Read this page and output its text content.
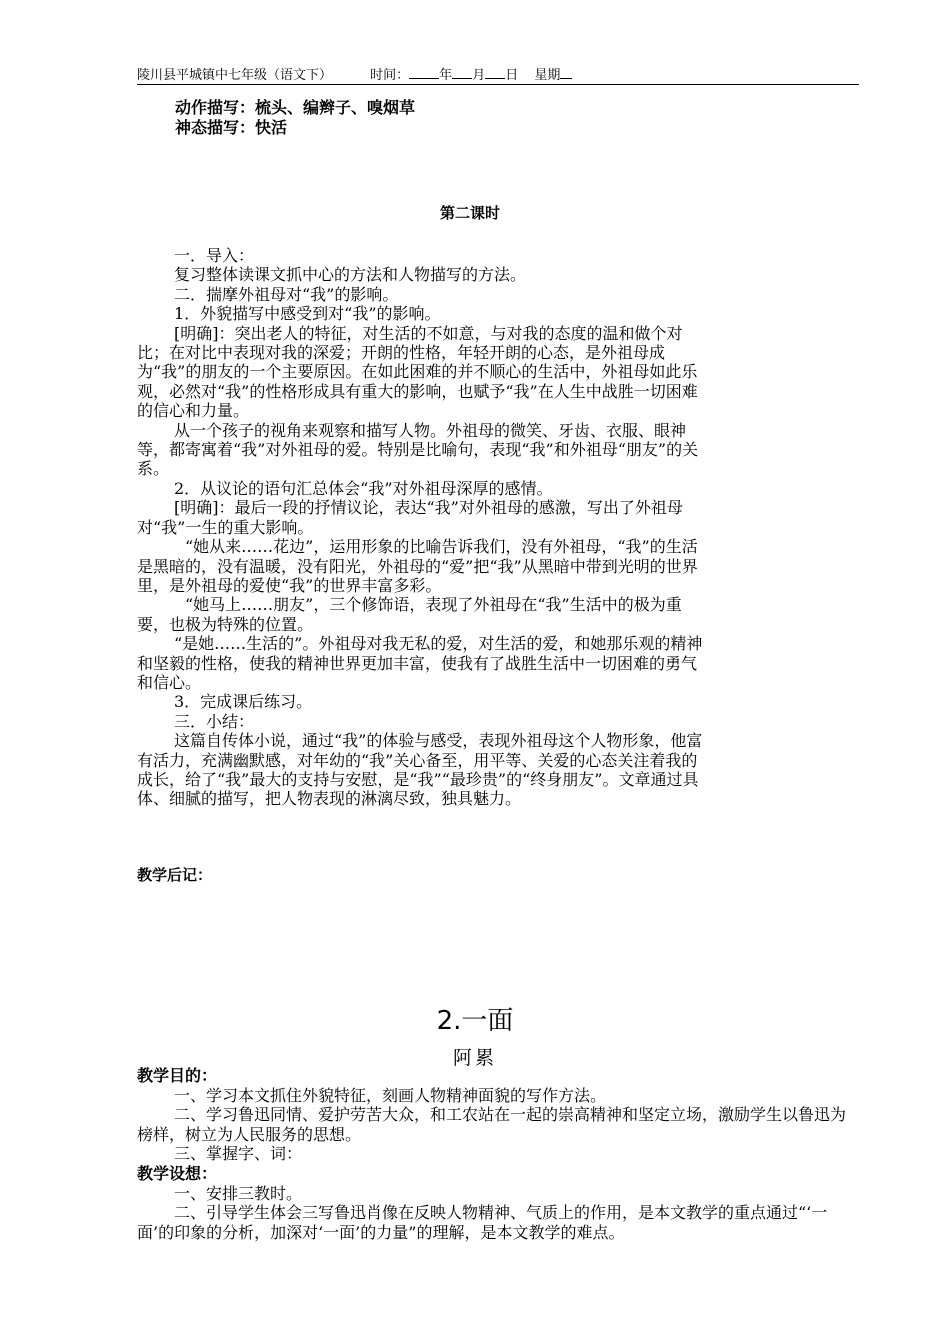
陵川县平城镇中七年级（语文下）	时间： 年 月 日 星期
动作描写：梳头、编辫子、嗅烟草
神态描写：快活
第二课时

一．导入：

复习整体读课文抓中心的方法和人物描写的方法。

二．揣摩外祖母对“我”的影响。

1．外貌描写中感受到对“我”的影响。

[明确]：突出老人的特征，对生活的不如意，与对我的态度的温和做个对比；在对比中表现对我的深爱；开朗的性格，年轻开朗的心态，是外祖母成为“我”的朋友的一个主要原因。在如此困难的并不顺心的生活中，外祖母如此乐观，必然对“我”的性格形成具有重大的影响，也赋予“我”在人生中战胜一切困难的信心和力量。

从一个孩子的视角来观察和描写人物。外祖母的微笑、牙齿、衣服、眼神等，都寄寓着“我”对外祖母的爱。特别是比喻句，表现“我”和外祖母“朋友”的关系。

2．从议论的语句汇总体会“我”对外祖母深厚的感情。

[明确]：最后一段的抒情议论，表达“我”对外祖母的感激，写出了外祖母对“我”一生的重大影响。

“她从来……花边”，运用形象的比喻告诉我们，没有外祖母，“我”的生活是黑暗的，没有温暖，没有阳光，外祖母的“爱”把“我”从黑暗中带到光明的世界里，是外祖母的爱使“我”的世界丰富多彩。

“她马上……朋友”，三个修饰语，表现了外祖母在“我”生活中的极为重要，也极为特殊的位置。

“是她……生活的”。外祖母对我无私的爱，对生活的爱，和她那乐观的精神和坚毅的性格，使我的精神世界更加丰富，使我有了战胜生活中一切困难的勇气和信心。

3．完成课后练习。

三．小结：

这篇自传体小说，通过“我”的体验与感受，表现外祖母这个人物形象，他富有活力，充满幽默感，对年幼的“我”关心备至，用平等、关爱的心态关注着我的成长，给了“我”最大的支持与安慰，是“我”“最珍贵”的“终身朋友”。文章通过具体、细腻的描写，把人物表现的淋漓尽致，独具魅力。

教学后记：
2.一面
阿累
教学目的：

一、学习本文抓住外貌特征，刻画人物精神面貌的写作方法。

二、学习鲁迅同情、爱护劳苦大众，和工农站在一起的崇高精神和坚定立场，激励学生以鲁迅为榜样，树立为人民服务的思想。

三、掌握字、词：

教学设想：

一、安排三教时。

二、引导学生体会三写鲁迅肖像在反映人物精神、气质上的作用，是本文教学的重点通过“‘一面’的印象的分析，加深对‘一面’的力量”的理解，是本文教学的难点。
